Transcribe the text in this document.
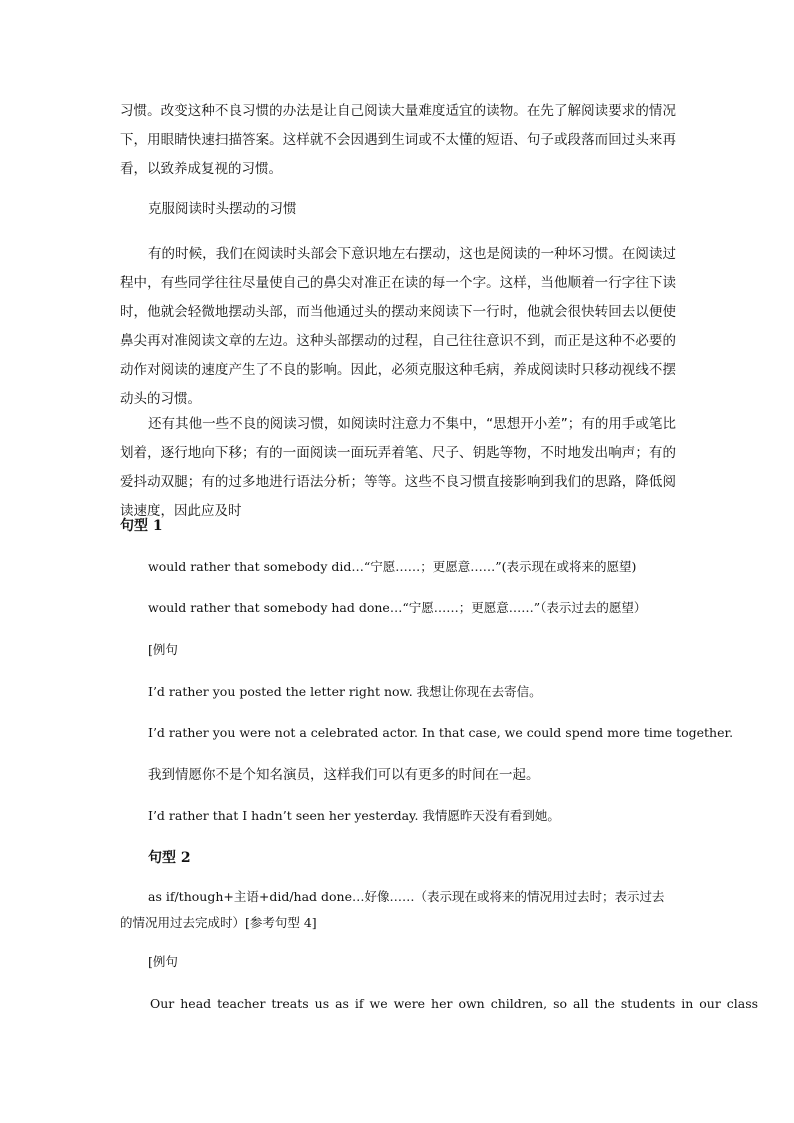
习惯。改变这种不良习惯的办法是让自己阅读大量难度适宜的读物。在先了解阅读要求的情况下，用眼睛快速扫描答案。这样就不会因遇到生词或不太懂的短语、句子或段落而回过头来再看，以致养成复视的习惯。

克服阅读时头摆动的习惯

有的时候，我们在阅读时头部会下意识地左右摆动，这也是阅读的一种坏习惯。在阅读过程中，有些同学往往尽量使自己的鼻尖对准正在读的每一个字。这样，当他顺着一行字往下读时，他就会轻微地摆动头部，而当他通过头的摆动来阅读下一行时，他就会很快转回去以便使鼻尖再对准阅读文章的左边。这种头部摆动的过程，自己往往意识不到，而正是这种不必要的动作对阅读的速度产生了不良的影响。因此，必须克服这种毛病，养成阅读时只移动视线不摆动头的习惯。

还有其他一些不良的阅读习惯，如阅读时注意力不集中，“思想开小差”；有的用手或笔比划着，逐行地向下移；有的一面阅读一面玩弄着笔、尺子、钥匙等物，不时地发出响声；有的爱抖动双腿；有的过多地进行语法分析；等等。这些不良习惯直接影响到我们的思路，降低阅读速度，因此应及时

句型 1

would rather that somebody did…“宁愿……；更愿意……”(表示现在或将来的愿望)

would rather that somebody had done…“宁愿……；更愿意……”（表示过去的愿望）

[例句

I’d rather you posted the letter right now. 我想让你现在去寄信。

I’d rather you were not a celebrated actor. In that case, we could spend more time together.

我到情愿你不是个知名演员，这样我们可以有更多的时间在一起。

I’d rather that I hadn’t seen her yesterday. 我情愿昨天没有看到她。

句型 2

as if/though+主语+did/had done…好像……（表示现在或将来的情况用过去时；表示过去的情况用过去完成时）[参考句型 4]

[例句

Our head teacher treats us as if we were her own children, so all the students in our class
